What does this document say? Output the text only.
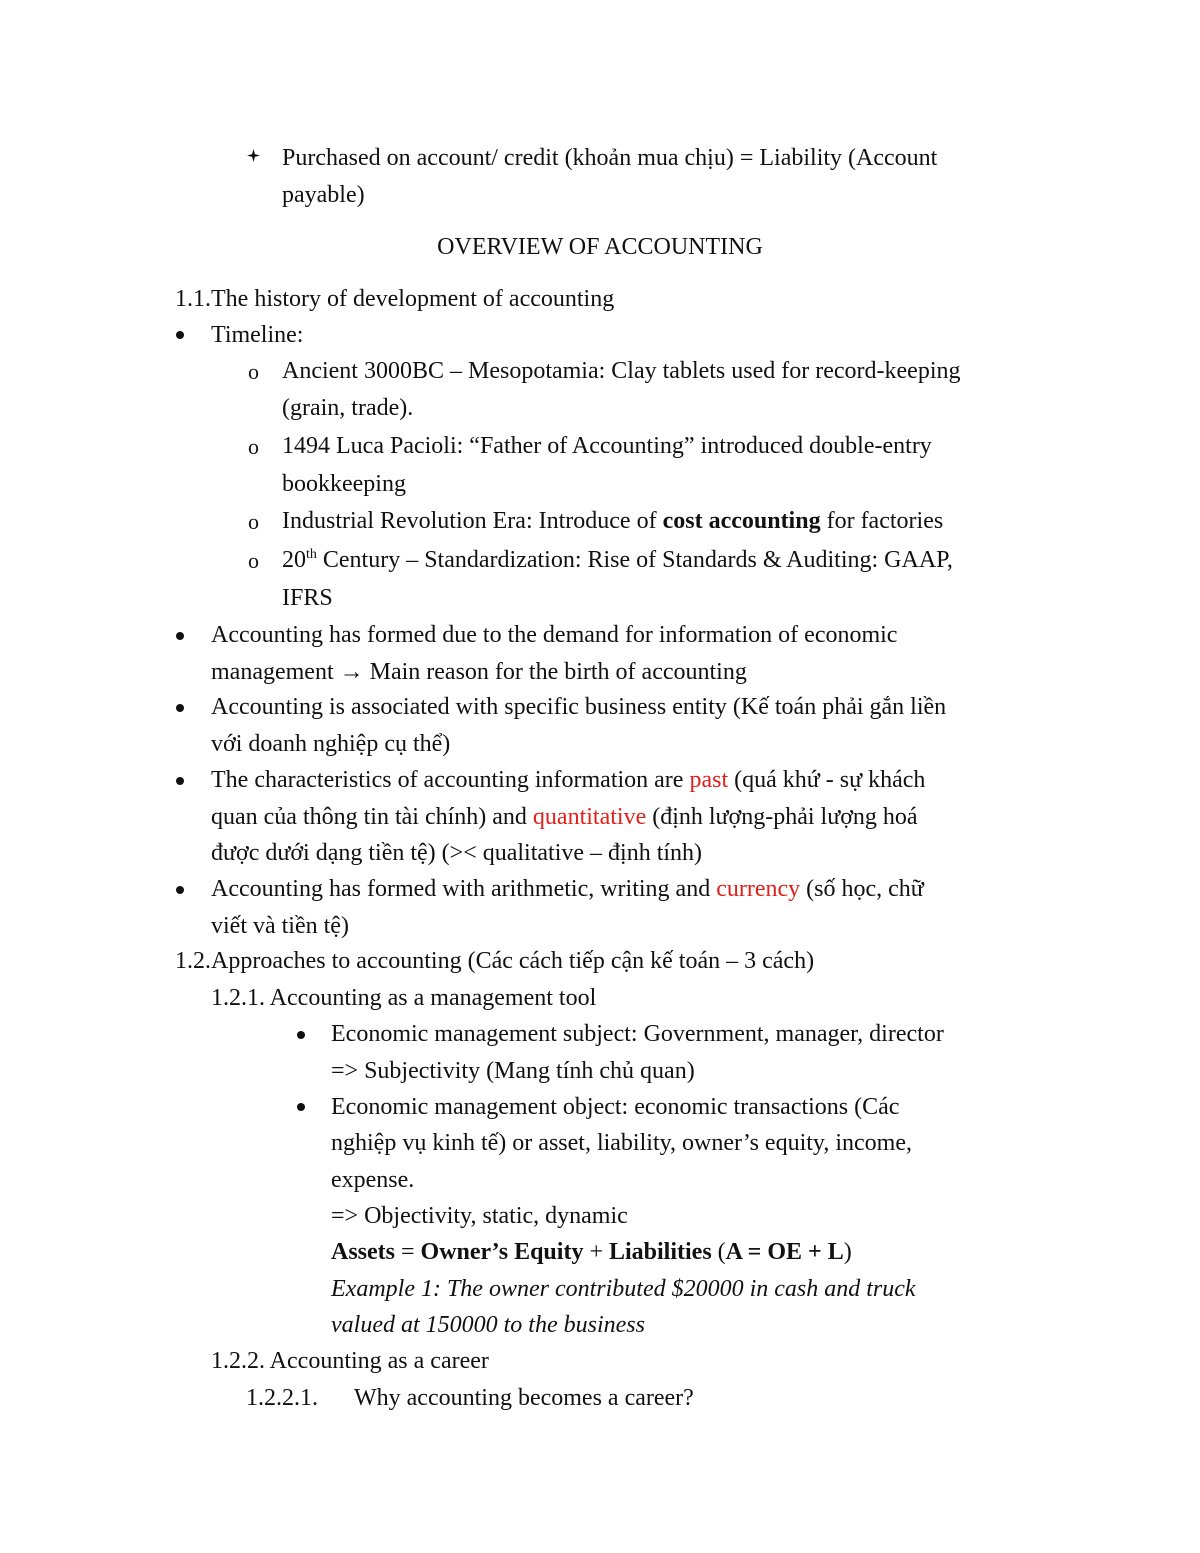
Purchased on account/ credit (khoản mua chịu) = Liability (Account
payable)
OVERVIEW OF ACCOUNTING
1.1.The history of development of accounting
Timeline:
o Ancient 3000BC – Mesopotamia: Clay tablets used for record-keeping
(grain, trade).
o 1494 Luca Pacioli: “Father of Accounting” introduced double-entry
bookkeeping
o Industrial Revolution Era: Introduce of cost accounting for factories
o 20th Century – Standardization: Rise of Standards & Auditing: GAAP,
IFRS
Accounting has formed due to the demand for information of economic
management → Main reason for the birth of accounting
Accounting is associated with specific business entity (Kế toán phải gắn liền
với doanh nghiệp cụ thể)
The characteristics of accounting information are past (quá khứ - sự khách
quan của thông tin tài chính) and quantitative (định lượng-phải lượng hoá
được dưới dạng tiền tệ) (>< qualitative – định tính)
Accounting has formed with arithmetic, writing and currency (số học, chữ
viết và tiền tệ)
1.2.Approaches to accounting (Các cách tiếp cận kế toán – 3 cách)
1.2.1. Accounting as a management tool
Economic management subject: Government, manager, director
=> Subjectivity (Mang tính chủ quan)
Economic management object: economic transactions (Các
nghiệp vụ kinh tế) or asset, liability, owner’s equity, income,
expense.
=> Objectivity, static, dynamic
Assets = Owner’s Equity + Liabilities (A = OE + L)
Example 1: The owner contributed $20000 in cash and truck
valued at 150000 to the business
1.2.2. Accounting as a career
1.2.2.1. Why accounting becomes a career?
